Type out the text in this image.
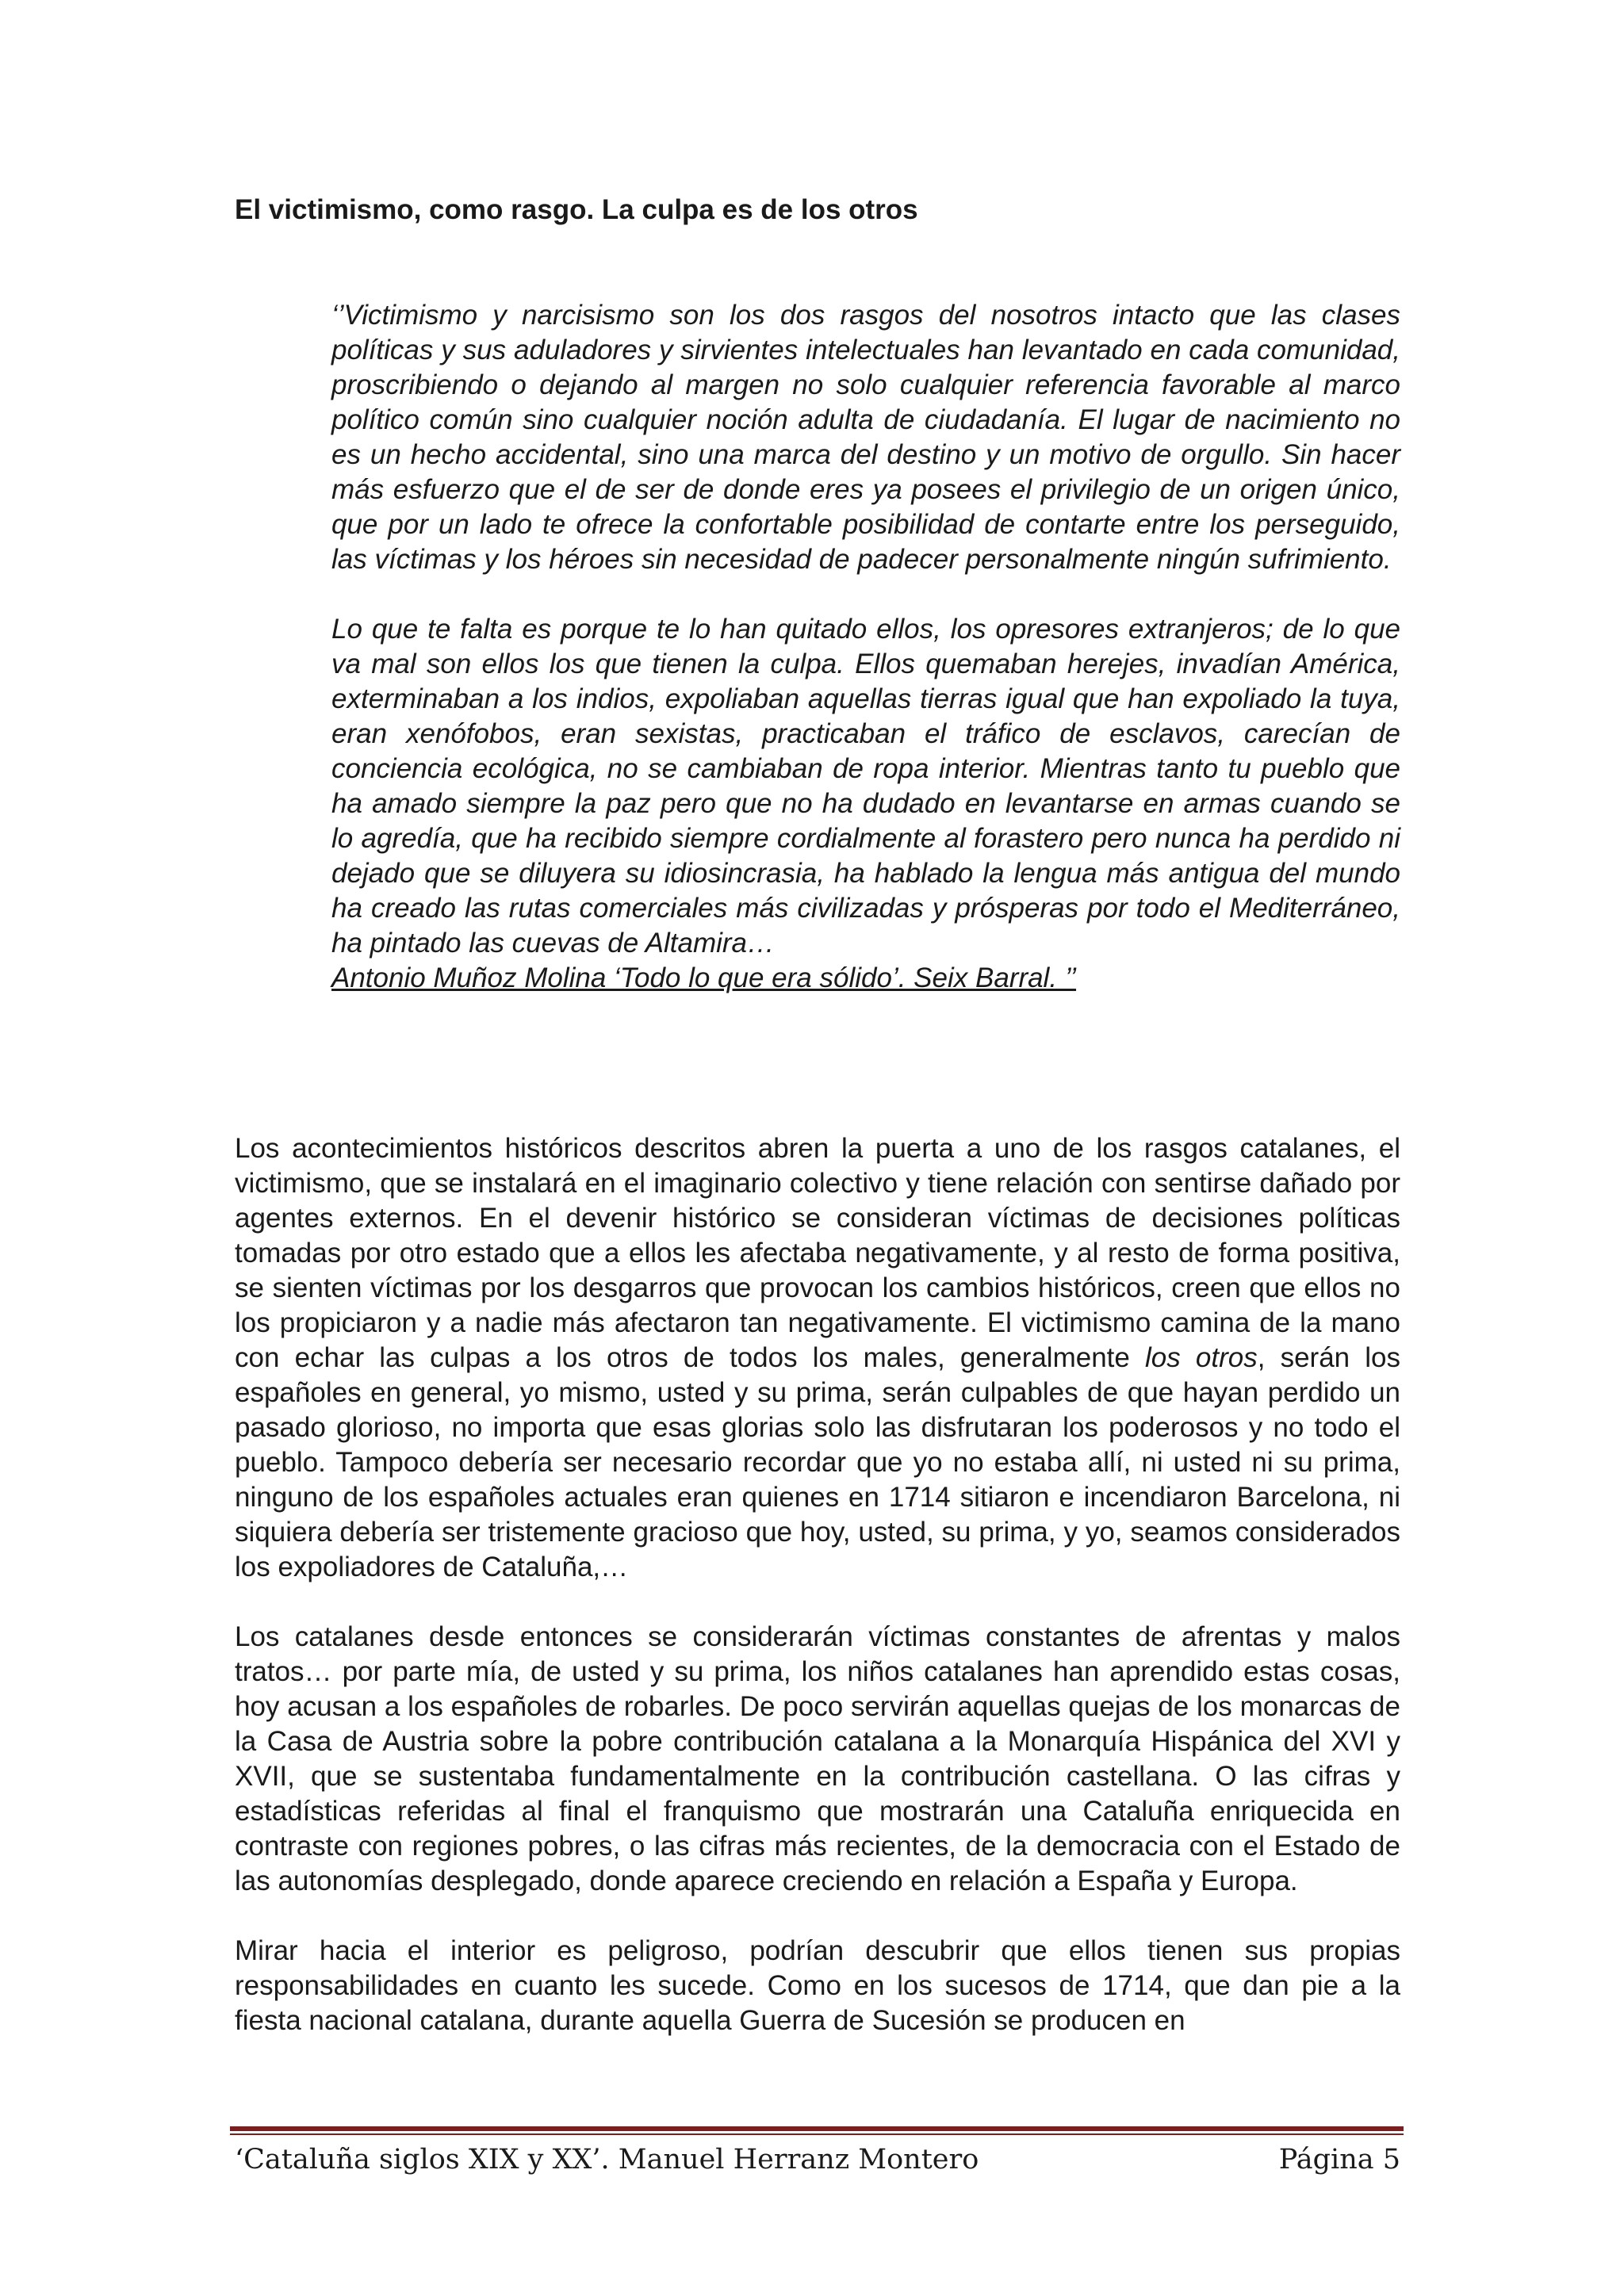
El victimismo, como rasgo. La culpa es de los otros

‘’Victimismo y narcisismo son los dos rasgos del nosotros intacto que las clases políticas y sus aduladores y sirvientes intelectuales han levantado en cada comunidad, proscribiendo o dejando al margen no solo cualquier referencia favorable al marco político común sino cualquier noción adulta de ciudadanía. El lugar de nacimiento no es un hecho accidental, sino una marca del destino y un motivo de orgullo. Sin hacer más esfuerzo que el de ser de donde eres ya posees el privilegio de un origen único, que por un lado te ofrece la confortable posibilidad de contarte entre los perseguido, las víctimas y los héroes sin necesidad de padecer personalmente ningún sufrimiento.

Lo que te falta es porque te lo han quitado ellos, los opresores extranjeros; de lo que va mal son ellos los que tienen la culpa. Ellos quemaban herejes, invadían América, exterminaban a los indios, expoliaban aquellas tierras igual que han expoliado la tuya, eran xenófobos, eran sexistas, practicaban el tráfico de esclavos, carecían de conciencia ecológica, no se cambiaban de ropa interior. Mientras tanto tu pueblo que ha amado siempre la paz pero que no ha dudado en levantarse en armas cuando se lo agredía, que ha recibido siempre cordialmente al forastero pero nunca ha perdido ni dejado que se diluyera su idiosincrasia, ha hablado la lengua más antigua del mundo ha creado las rutas comerciales más civilizadas y prósperas por todo el Mediterráneo, ha pintado las cuevas de Altamira…
Antonio Muñoz Molina ‘Todo lo que era sólido’. Seix Barral. ’’

Los acontecimientos históricos descritos abren la puerta a uno de los rasgos catalanes, el victimismo, que se instalará en el imaginario colectivo y tiene relación con sentirse dañado por agentes externos. En el devenir histórico se consideran víctimas de decisiones políticas tomadas por otro estado que a ellos les afectaba negativamente, y al resto de forma positiva, se sienten víctimas por los desgarros que provocan los cambios históricos, creen que ellos no los propiciaron y a nadie más afectaron tan negativamente. El victimismo camina de la mano con echar las culpas a los otros de todos los males, generalmente los otros, serán los españoles en general, yo mismo, usted y su prima, serán culpables de que hayan perdido un pasado glorioso, no importa que esas glorias solo las disfrutaran los poderosos y no todo el pueblo. Tampoco debería ser necesario recordar que yo no estaba allí, ni usted ni su prima, ninguno de los españoles actuales eran quienes en 1714 sitiaron e incendiaron Barcelona, ni siquiera debería ser tristemente gracioso que hoy, usted, su prima, y yo, seamos considerados los expoliadores de Cataluña,…

Los catalanes desde entonces se considerarán víctimas constantes de afrentas y malos tratos… por parte mía, de usted y su prima, los niños catalanes han aprendido estas cosas, hoy acusan a los españoles de robarles. De poco servirán aquellas quejas de los monarcas de la Casa de Austria sobre la pobre contribución catalana a la Monarquía Hispánica del XVI y XVII, que se sustentaba fundamentalmente en la contribución castellana. O las cifras y estadísticas referidas al final el franquismo que mostrarán una Cataluña enriquecida en contraste con regiones pobres, o las cifras más recientes, de la democracia con el Estado de las autonomías desplegado, donde aparece creciendo en relación a España y Europa.

Mirar hacia el interior es peligroso, podrían descubrir que ellos tienen sus propias responsabilidades en cuanto les sucede. Como en los sucesos de 1714, que dan pie a la fiesta nacional catalana, durante aquella Guerra de Sucesión se producen en

‘Cataluña siglos XIX y XX’. Manuel Herranz Montero	Página 5
